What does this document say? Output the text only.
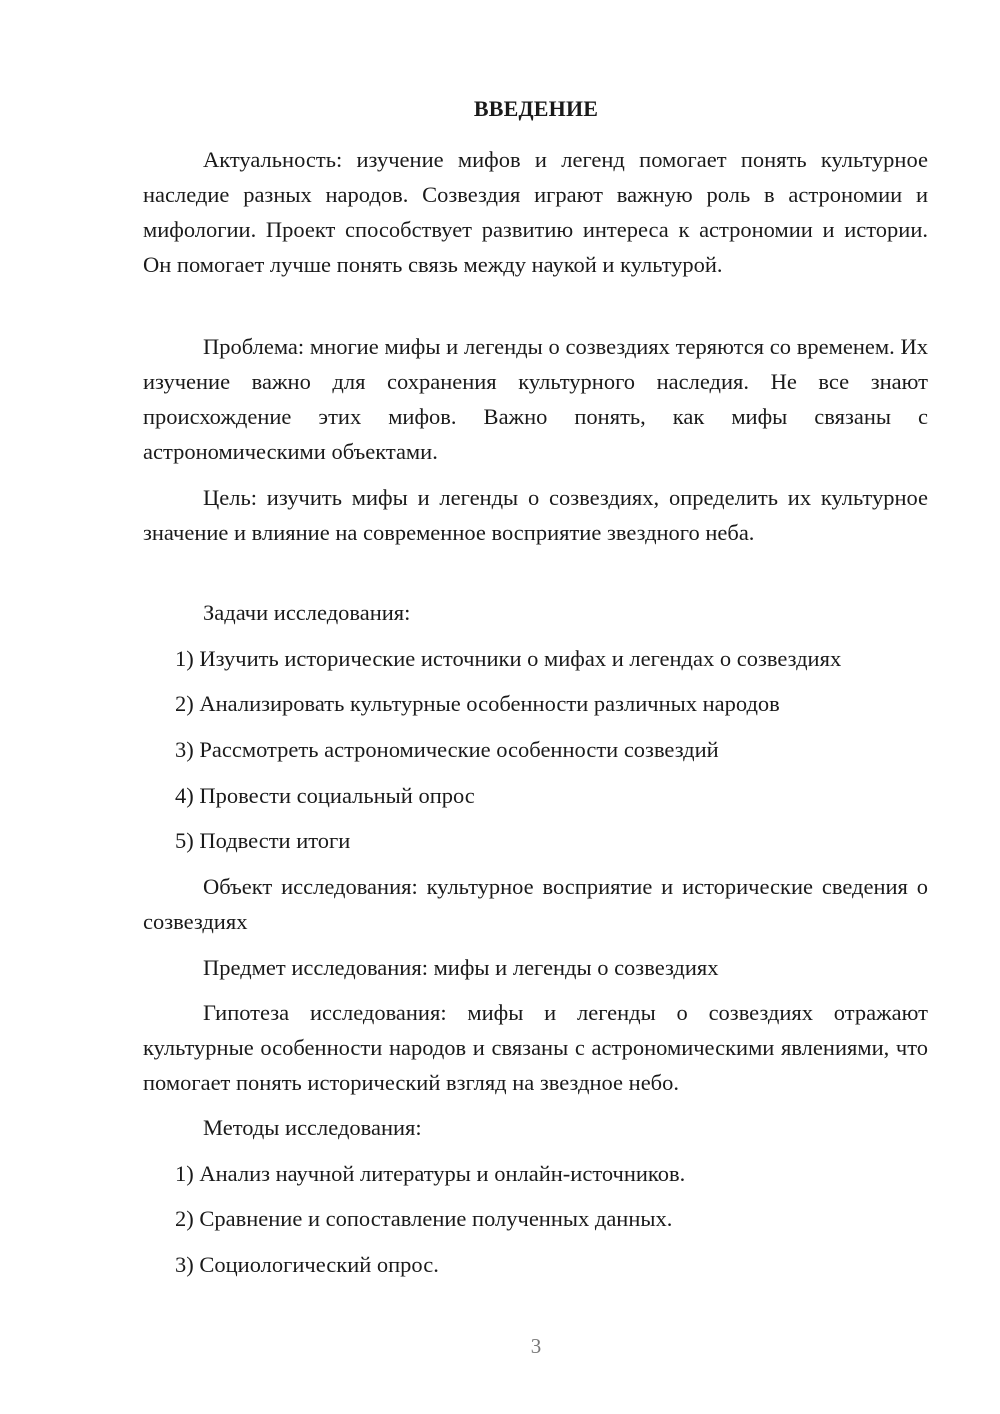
ВВЕДЕНИЕ

Актуальность: изучение мифов и легенд помогает понять культурное наследие разных народов. Созвездия играют важную роль в астрономии и мифологии. Проект способствует развитию интереса к астрономии и истории. Он помогает лучше понять связь между наукой и культурой.

Проблема: многие мифы и легенды о созвездиях теряются со временем. Их изучение важно для сохранения культурного наследия. Не все знают происхождение этих мифов. Важно понять, как мифы связаны с астрономическими объектами.

Цель: изучить мифы и легенды о созвездиях, определить их культурное значение и влияние на современное восприятие звездного неба.

Задачи исследования:

1) Изучить исторические источники о мифах и легендах о созвездиях

2) Анализировать культурные особенности различных народов

3) Рассмотреть астрономические особенности созвездий

4) Провести социальный опрос

5) Подвести итоги

Объект исследования: культурное восприятие и исторические сведения о созвездиях

Предмет исследования: мифы и легенды о созвездиях

Гипотеза исследования: мифы и легенды о созвездиях отражают культурные особенности народов и связаны с астрономическими явлениями, что помогает понять исторический взгляд на звездное небо.

Методы исследования:

1) Анализ научной литературы и онлайн-источников.

2) Сравнение и сопоставление полученных данных.

3) Социологический опрос.

3
